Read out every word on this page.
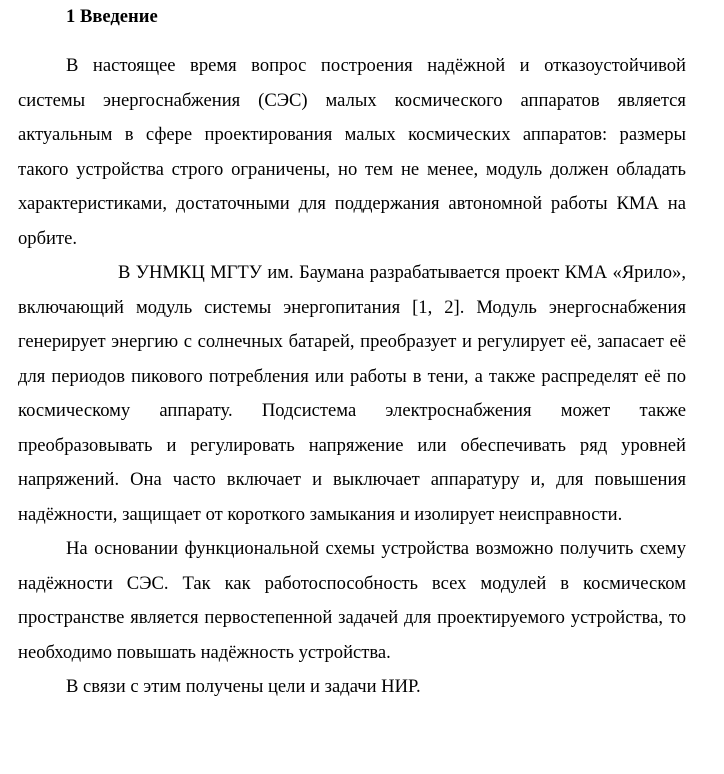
1 Введение

В настоящее время вопрос построения надёжной и отказоустойчивой системы энергоснабжения (СЭС) малых космического аппаратов является актуальным в сфере проектирования малых космических аппаратов: размеры такого устройства строго ограничены, но тем не менее, модуль должен обладать характеристиками, достаточными для поддержания автономной работы КМА на орбите.

В УНМКЦ МГТУ им. Баумана разрабатывается проект КМА «Ярило», включающий модуль системы энергопитания [1, 2]. Модуль энергоснабжения генерирует энергию с солнечных батарей, преобразует и регулирует её, запасает её для периодов пикового потребления или работы в тени, а также распределят её по космическому аппарату. Подсистема электроснабжения может также преобразовывать и регулировать напряжение или обеспечивать ряд уровней напряжений. Она часто включает и выключает аппаратуру и, для повышения надёжности, защищает от короткого замыкания и изолирует неисправности.

На основании функциональной схемы устройства возможно получить схему надёжности СЭС. Так как работоспособность всех модулей в космическом пространстве является первостепенной задачей для проектируемого устройства, то необходимо повышать надёжность устройства.

В связи с этим получены цели и задачи НИР.
